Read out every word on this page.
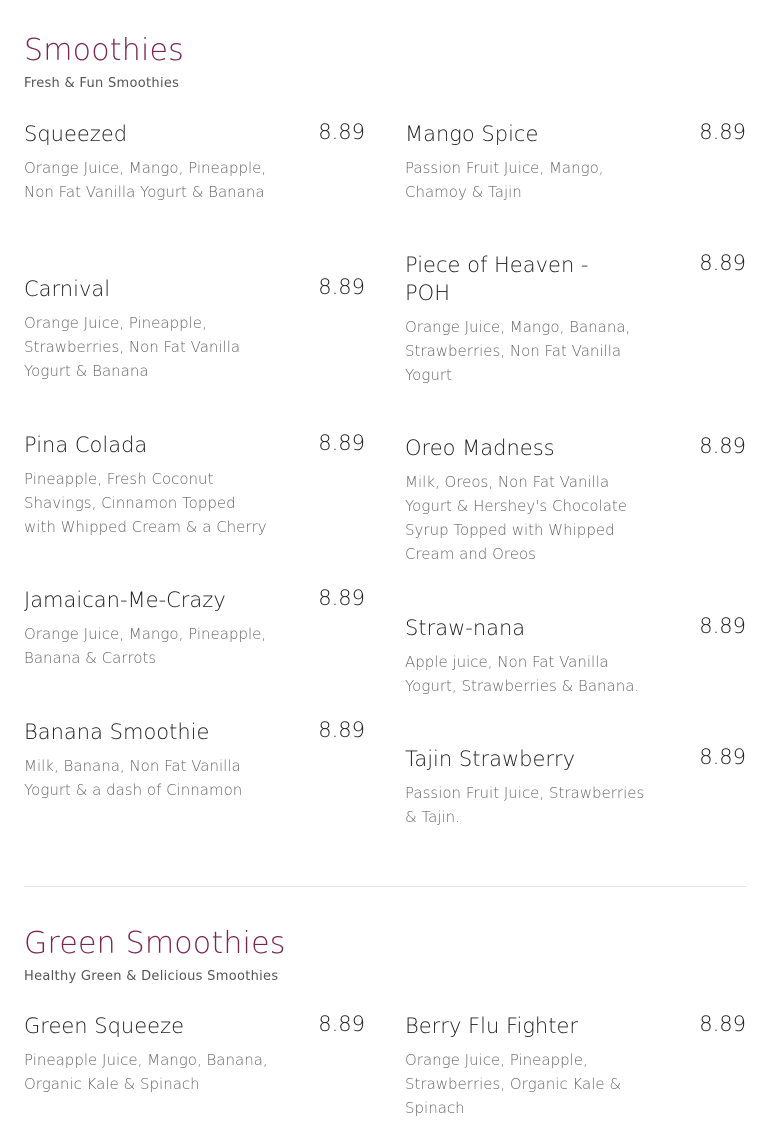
Smoothies

Fresh & Fun Smoothies

Squeezed	8.89
Orange Juice, Mango, Pineapple, Non Fat Vanilla Yogurt & Banana
Carnival	8.89
Orange Juice, Pineapple, Strawberries, Non Fat Vanilla Yogurt & Banana
Pina Colada	8.89
Pineapple, Fresh Coconut Shavings, Cinnamon Topped with Whipped Cream & a Cherry
Jamaican-Me-Crazy	8.89
Orange Juice, Mango, Pineapple, Banana & Carrots
Banana Smoothie	8.89
Milk, Banana, Non Fat Vanilla Yogurt & a dash of Cinnamon
Mango Spice	8.89
Passion Fruit Juice, Mango, Chamoy & Tajin
Piece of Heaven - POH
8.89
Orange Juice, Mango, Banana, Strawberries, Non Fat Vanilla Yogurt
Oreo Madness	8.89
Milk, Oreos, Non Fat Vanilla Yogurt & Hershey's Chocolate Syrup Topped with Whipped Cream and Oreos
Straw-nana	8.89
Apple juice, Non Fat Vanilla Yogurt, Strawberries & Banana.
Tajin Strawberry	8.89
Passion Fruit Juice, Strawberries & Tajin.
Green Smoothies

Healthy Green & Delicious Smoothies

Green Squeeze	8.89
Pineapple Juice, Mango, Banana, Organic Kale & Spinach
Berry Flu Fighter	8.89
Orange Juice, Pineapple, Strawberries, Organic Kale & Spinach
